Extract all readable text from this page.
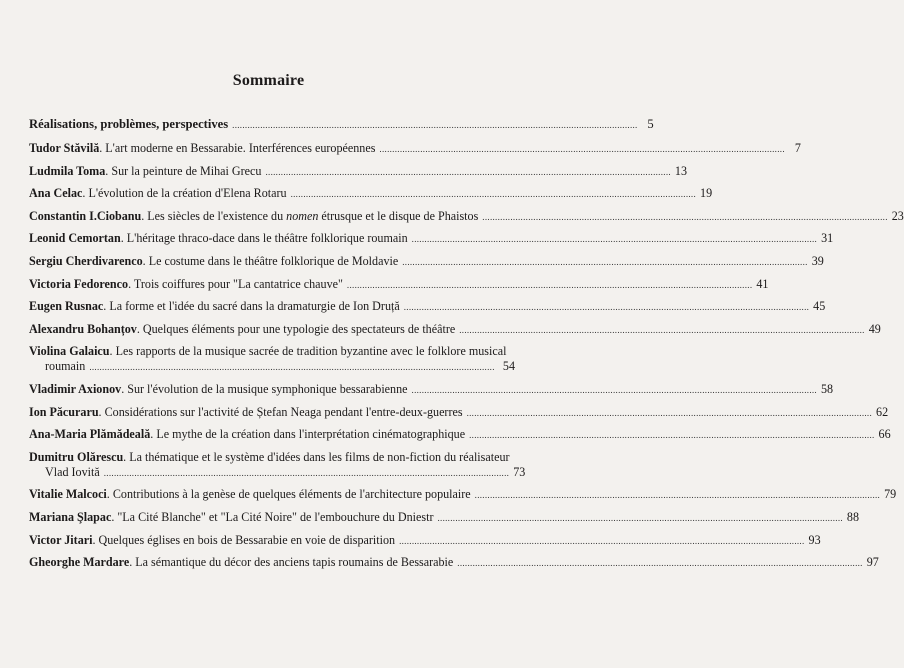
Sommaire
Réalisations, problèmes, perspectives ............................................................................................................................................................... 5
Tudor Stăvilă. L'art moderne en Bessarabie. Interférences européennes ............................................................................................................................................................... 7
Ludmila Toma. Sur la peinture de Mihai Grecu ............................................................................................................................................................... 13
Ana Celac. L'évolution de la création d'Elena Rotaru ............................................................................................................................................................... 19
Constantin I.Ciobanu. Les siècles de l'existence du nomen étrusque et le disque de Phaistos ............................................................................................................................................................... 23
Leonid Cemortan. L'héritage thraco-dace dans le théâtre folklorique roumain ............................................................................................................................................................... 31
Sergiu Cherdivarenco. Le costume dans le théâtre folklorique de Moldavie ............................................................................................................................................................... 39
Victoria Fedorenco. Trois coiffures pour "La cantatrice chauve" ............................................................................................................................................................... 41
Eugen Rusnac. La forme et l'idée du sacré dans la dramaturgie de Ion Druță ............................................................................................................................................................... 45
Alexandru Bohanțov. Quelques éléments pour une typologie des spectateurs de théâtre ............................................................................................................................................................... 49
Violina Galaicu. Les rapports de la musique sacrée de tradition byzantine avec le folklore musical
roumain ............................................................................................................................................................... 54
Vladimir Axionov. Sur l'évolution de la musique symphonique bessarabienne ............................................................................................................................................................... 58
Ion Păcuraru. Considérations sur l'activité de Ștefan Neaga pendant l'entre-deux-guerres ............................................................................................................................................................... 62
Ana-Maria Plămădeală. Le mythe de la création dans l'interprétation cinématographique ............................................................................................................................................................... 66
Dumitru Olărescu. La thématique et le système d'idées dans les films de non-fiction du réalisateur
Vlad Iovită ............................................................................................................................................................... 73
Vitalie Malcoci. Contributions à la genèse de quelques éléments de l'architecture populaire ............................................................................................................................................................... 79
Mariana Şlapac. "La Cité Blanche" et "La Cité Noire" de l'embouchure du Dniestr ............................................................................................................................................................... 88
Victor Jitari. Quelques églises en bois de Bessarabie en voie de disparition ............................................................................................................................................................... 93
Gheorghe Mardare. La sémantique du décor des anciens tapis roumains de Bessarabie ............................................................................................................................................................... 97
